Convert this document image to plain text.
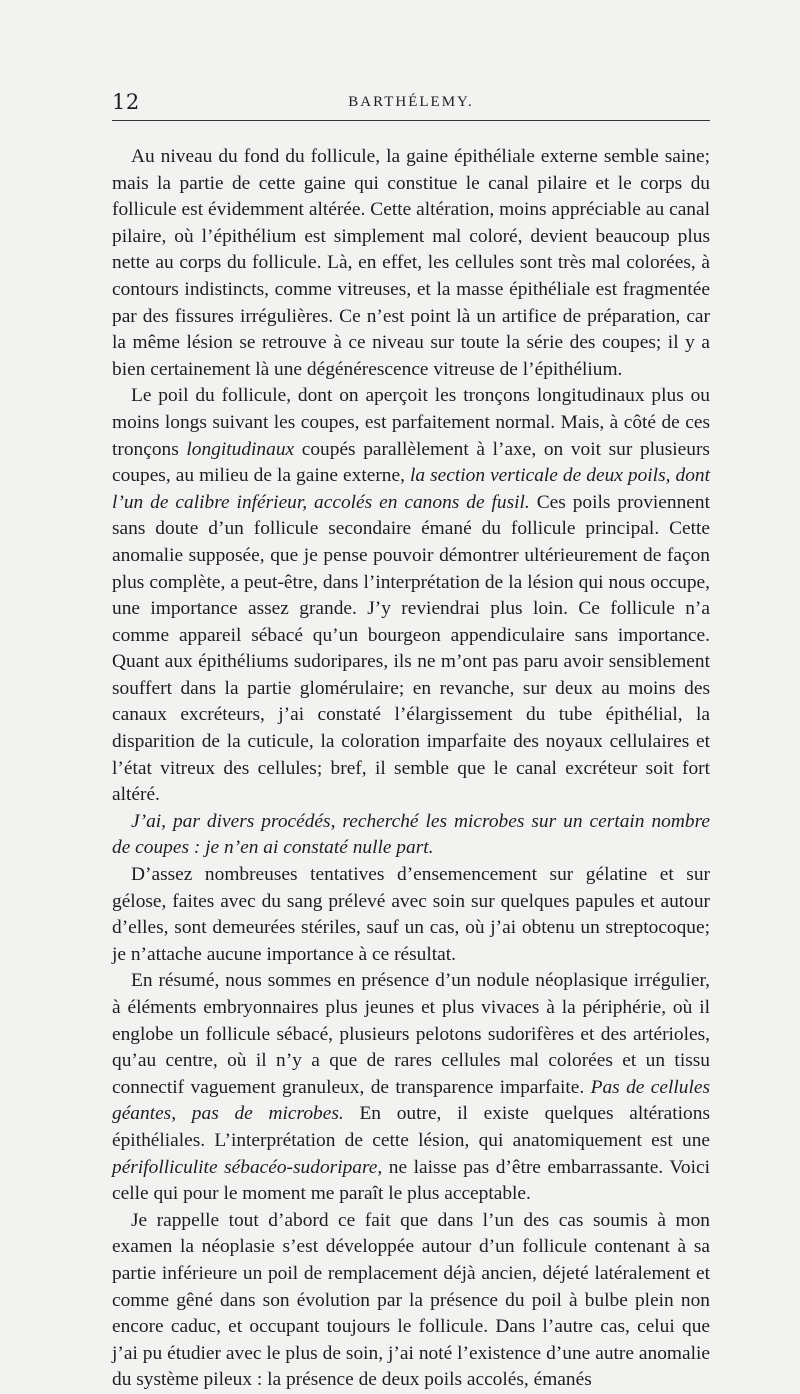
12	BARTHÉLEMY.

Au niveau du fond du follicule, la gaine épithéliale externe semble saine; mais la partie de cette gaine qui constitue le canal pilaire et le corps du follicule est évidemment altérée. Cette altération, moins appréciable au canal pilaire, où l’épithélium est simplement mal coloré, devient beaucoup plus nette au corps du follicule. Là, en effet, les cellules sont très mal colorées, à contours indistincts, comme vitreuses, et la masse épithéliale est fragmentée par des fissures irrégulières. Ce n’est point là un artifice de préparation, car la même lésion se retrouve à ce niveau sur toute la série des coupes; il y a bien certainement là une dégénérescence vitreuse de l’épithélium.

Le poil du follicule, dont on aperçoit les tronçons longitudinaux plus ou moins longs suivant les coupes, est parfaitement normal. Mais, à côté de ces tronçons longitudinaux coupés parallèlement à l’axe, on voit sur plusieurs coupes, au milieu de la gaine externe, la section verticale de deux poils, dont l’un de calibre inférieur, accolés en canons de fusil. Ces poils proviennent sans doute d’un follicule secondaire émané du follicule principal. Cette anomalie supposée, que je pense pouvoir démontrer ultérieurement de façon plus complète, a peut-être, dans l’interprétation de la lésion qui nous occupe, une importance assez grande. J’y reviendrai plus loin. Ce follicule n’a comme appareil sébacé qu’un bourgeon appendiculaire sans importance. Quant aux épithéliums sudoripares, ils ne m’ont pas paru avoir sensiblement souffert dans la partie glomérulaire; en revanche, sur deux au moins des canaux excréteurs, j’ai constaté l’élargissement du tube épithélial, la disparition de la cuticule, la coloration imparfaite des noyaux cellulaires et l’état vitreux des cellules; bref, il semble que le canal excréteur soit fort altéré.

J’ai, par divers procédés, recherché les microbes sur un certain nombre de coupes : je n’en ai constaté nulle part.

D’assez nombreuses tentatives d’ensemencement sur gélatine et sur gélose, faites avec du sang prélevé avec soin sur quelques papules et autour d’elles, sont demeurées stériles, sauf un cas, où j’ai obtenu un streptocoque; je n’attache aucune importance à ce résultat.

En résumé, nous sommes en présence d’un nodule néoplasique irrégulier, à éléments embryonnaires plus jeunes et plus vivaces à la périphérie, où il englobe un follicule sébacé, plusieurs pelotons sudorifères et des artérioles, qu’au centre, où il n’y a que de rares cellules mal colorées et un tissu connectif vaguement granuleux, de transparence imparfaite. Pas de cellules géantes, pas de microbes. En outre, il existe quelques altérations épithéliales. L’interprétation de cette lésion, qui anatomiquement est une périfolliculite sébacéo-sudoripare, ne laisse pas d’être embarrassante. Voici celle qui pour le moment me paraît le plus acceptable.

Je rappelle tout d’abord ce fait que dans l’un des cas soumis à mon examen la néoplasie s’est développée autour d’un follicule contenant à sa partie inférieure un poil de remplacement déjà ancien, déjeté latéralement et comme gêné dans son évolution par la présence du poil à bulbe plein non encore caduc, et occupant toujours le follicule. Dans l’autre cas, celui que j’ai pu étudier avec le plus de soin, j’ai noté l’existence d’une autre anomalie du système pileux : la présence de deux poils accolés, émanés
